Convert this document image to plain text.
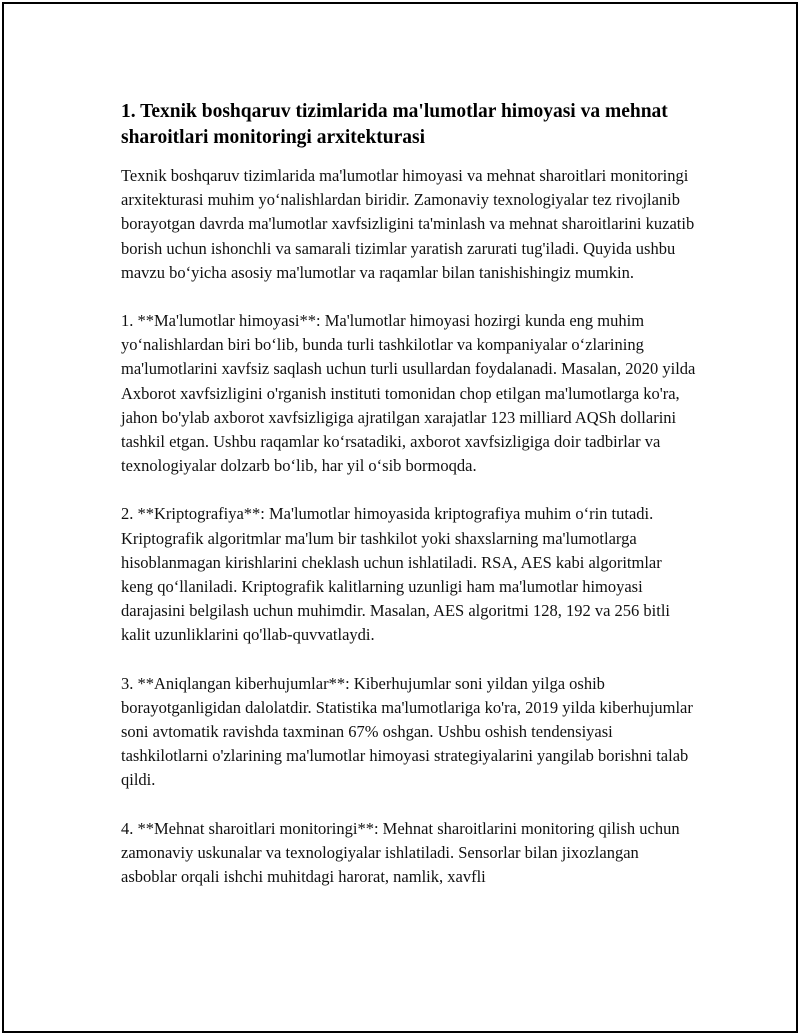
1. Texnik boshqaruv tizimlarida ma'lumotlar himoyasi va mehnat sharoitlari monitoringi arxitekturasi

Texnik boshqaruv tizimlarida ma'lumotlar himoyasi va mehnat sharoitlari monitoringi arxitekturasi muhim yo‘nalishlardan biridir. Zamonaviy texnologiyalar tez rivojlanib borayotgan davrda ma'lumotlar xavfsizligini ta'minlash va mehnat sharoitlarini kuzatib borish uchun ishonchli va samarali tizimlar yaratish zarurati tug'iladi. Quyida ushbu mavzu bo‘yicha asosiy ma'lumotlar va raqamlar bilan tanishishingiz mumkin.

1. **Ma'lumotlar himoyasi**: Ma'lumotlar himoyasi hozirgi kunda eng muhim yo‘nalishlardan biri bo‘lib, bunda turli tashkilotlar va kompaniyalar o‘zlarining ma'lumotlarini xavfsiz saqlash uchun turli usullardan foydalanadi. Masalan, 2020 yilda Axborot xavfsizligini o'rganish instituti tomonidan chop etilgan ma'lumotlarga ko'ra, jahon bo'ylab axborot xavfsizligiga ajratilgan xarajatlar 123 milliard AQSh dollarini tashkil etgan. Ushbu raqamlar ko‘rsatadiki, axborot xavfsizligiga doir tadbirlar va texnologiyalar dolzarb bo‘lib, har yil o‘sib bormoqda.

2. **Kriptografiya**: Ma'lumotlar himoyasida kriptografiya muhim o‘rin tutadi. Kriptografik algoritmlar ma'lum bir tashkilot yoki shaxslarning ma'lumotlarga hisoblanmagan kirishlarini cheklash uchun ishlatiladi. RSA, AES kabi algoritmlar keng qo‘llaniladi. Kriptografik kalitlarning uzunligi ham ma'lumotlar himoyasi darajasini belgilash uchun muhimdir. Masalan, AES algoritmi 128, 192 va 256 bitli kalit uzunliklarini qo'llab-quvvatlaydi.

3. **Aniqlangan kiberhujumlar**: Kiberhujumlar soni yildan yilga oshib borayotganligidan dalolatdir. Statistika ma'lumotlariga ko'ra, 2019 yilda kiberhujumlar soni avtomatik ravishda taxminan 67% oshgan. Ushbu oshish tendensiyasi tashkilotlarni o'zlarining ma'lumotlar himoyasi strategiyalarini yangilab borishni talab qildi.

4. **Mehnat sharoitlari monitoringi**: Mehnat sharoitlarini monitoring qilish uchun zamonaviy uskunalar va texnologiyalar ishlatiladi. Sensorlar bilan jixozlangan asboblar orqali ishchi muhitdagi harorat, namlik, xavfli
